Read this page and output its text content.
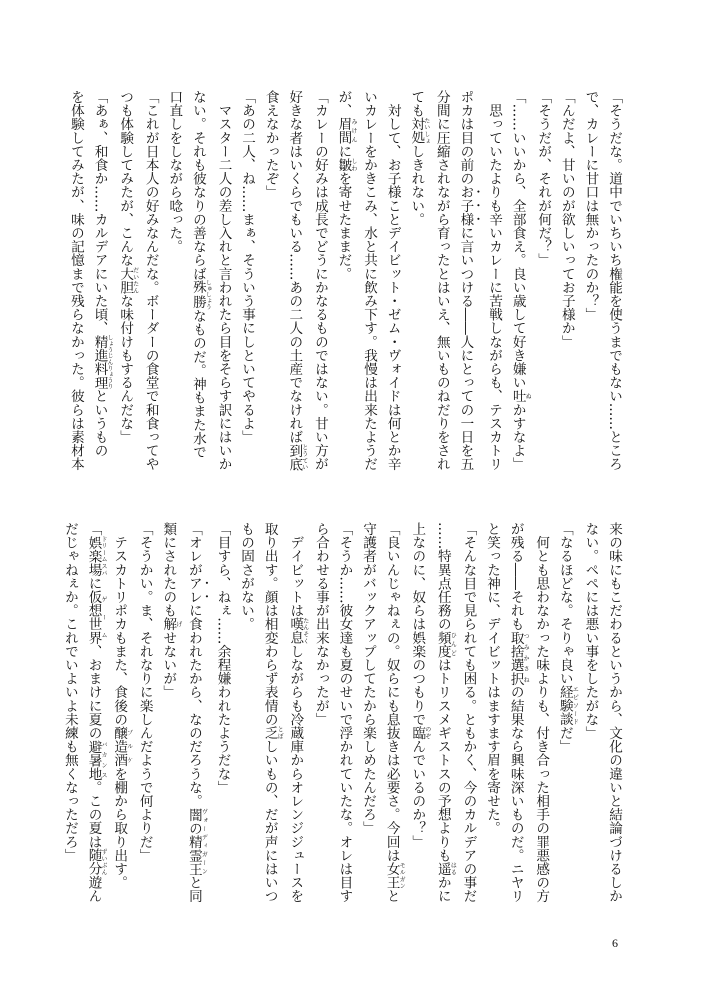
「そうだな。道中でいちいち権能を使うまでもない……ところ
で、カレーに甘口は無かったのか？」
「んだよ、甘いのが欲しいってお子様か」
「そうだが、それが何だ？」
「……いいから、全部食え。良い歳して好き嫌い吐ぬかすなよ」
　思っていたよりも辛いカレーに苦戦しながらも、テスカトリ
ポカは目の前のお子様に言いつける――人にとっての一日を五
分間に圧縮されながら育ったとはいえ、無いものねだりをされ
ても対処たいしょしきれない。
　対して、お子様ことデイビット・ゼム・ヴォイドは何とか辛
いカレーをかきこみ、水と共に飲み下す。我慢は出来たようだ
が、眉間みけんに皺しわを寄せたままだ。
「カレーの好みは成長でどうにかなるものではない。甘い方が
好きな者はいくらでもいる……あの二人の土産でなければ到底とうてい
食えなかったぞ」
「あの二人、ね……まぁ、そういう事にしといてやるよ」
　マスター二人の差し入れと言われたら目をそらす訳にはいか
ない。それも彼なりの善ならば殊勝しゅしょうなものだ。神もまた水で
口直しをしながら唸った。
「これが日本人の好みなんだな。ボーダーの食堂で和食ってや
つも体験してみたが、こんな大胆だいたんな味付けもするんだな」
「あぁ、和食か……カルデアにいた頃、精進料理しょうじんりょうりというもの
を体験してみたが、味の記憶まで残らなかった。彼らは素材本
来の味にもこだわるというから、文化の違いと結論づけるしか
ない。ペペには悪い事をしたがな」
「なるほどな。そりゃ良い経験談エピソードだ」
　何とも思わなかった味よりも、付き合った相手の罪悪感の方
が残る――それも取捨選択つみかさねの結果なら興味深いものだ。ニヤリ
と笑った神に、デイビットはますます眉を寄せた。
「そんな目で見られても困る。ともかく、今のカルデアの事だ
……特異点任務の頻度ひんどはトリスメギストスの予想よりも遥はるかに
上なのに、奴らは娯楽のつもりで臨のぞんでいるのか？」
「良いんじゃねぇの。奴らにも息抜きは必要さ。今回は女王モルガンと
守護者がバックアップしてたから楽しめたんだろ」
「そうか……彼女達も夏のせいで浮かれていたな。オレは目す
ら合わせる事が出来なかったが」
　デイビットは嘆息たんそくしながらも冷蔵庫からオレンジジュースを
取り出す。顔は相変わらず表情の乏とぼしいもの、だが声にはいつ
もの固さがない。
「目すら、ねぇ……余程嫌われたようだな」
「オレがアレに食われたから、なのだろうな。闇の精霊王ヴォーディガーンと同
類にされたのも解げせないが」
「そうかい。ま、それなりに楽しんだようで何よりだ」
　テスカトリポカもまた、食後の醸造酒プルケを棚から取り出す。
「娯楽場ドリームスパに仮想世界ゲーム、おまけに夏の避暑地バカンス。この夏は随分ずいぶん遊ん
だじゃねぇか。これでいよいよ未練も無くなっただろ」
6
